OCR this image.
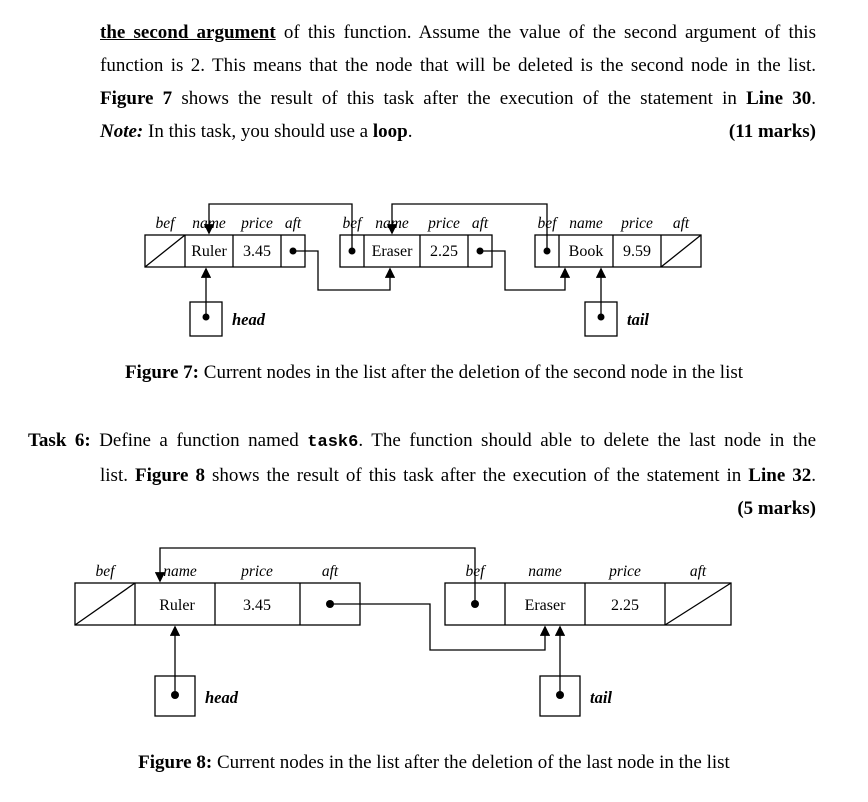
the second argument of this function. Assume the value of the second argument of this
function is 2. This means that the node that will be deleted is the second node in the list.
Figure 7 shows the result of this task after the execution of the statement in Line 30.
Note: In this task, you should use a loop.	(11 marks)
bef name price aft
Ruler 3.45
bef name price aft
Eraser 2.25
bef name price aft
Book 9.59
head	tail
Figure 7: Current nodes in the list after the deletion of the second node in the list
Task 6: Define a function named task6. The function should able to delete the last node in the
list. Figure 8 shows the result of this task after the execution of the statement in Line 32.
(5 marks)
bef	name	price	aft
Ruler	3.45
bef	name	price	aft
Eraser	2.25
head	tail
Figure 8: Current nodes in the list after the deletion of the last node in the list
